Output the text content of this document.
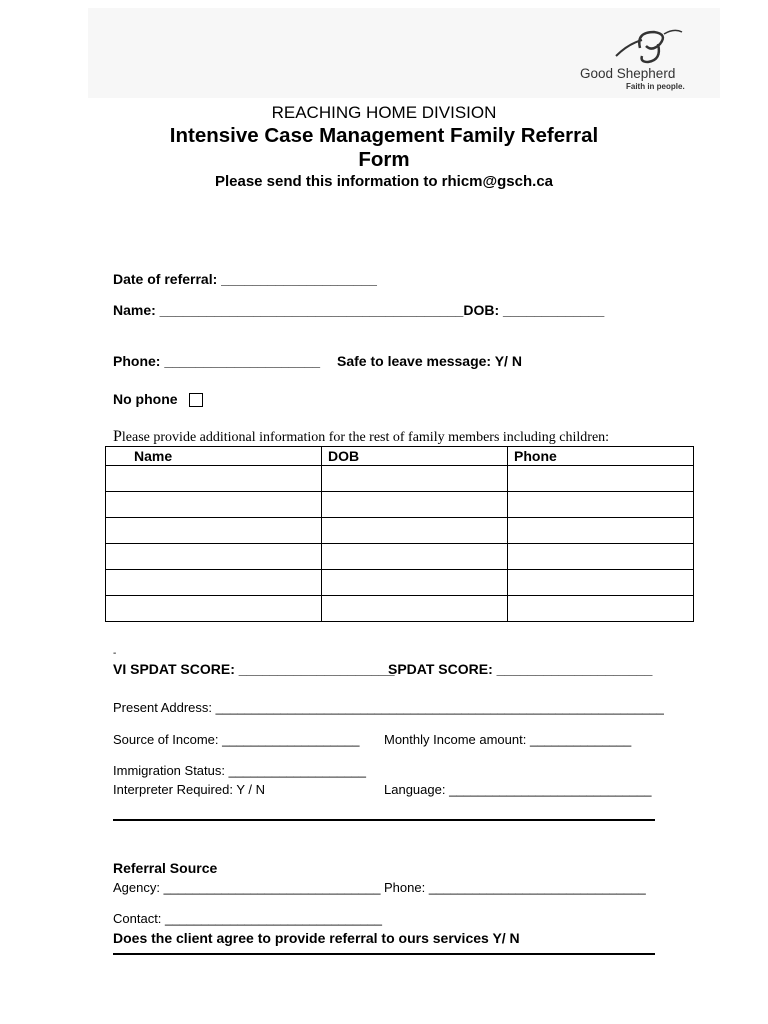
Good Shepherd
Faith in people.
REACHING HOME DIVISION
Intensive Case Management Family Referral
Form
Please send this information to rhicm@gsch.ca
Date of referral: ____________________
Name: _______________________________________DOB: _____________
Phone: ____________________ Safe to leave message: Y/ N
No phone
Please provide additional information for the rest of family members including children:
Name	DOB	Phone

-
VI SPDAT SCORE: ____________________
SPDAT SCORE: ____________________
Present Address: ______________________________________________________________
Source of Income: ___________________ Monthly Income amount: ______________
Immigration Status: ___________________
Interpreter Required: Y / N	Language: ____________________________
Referral Source
Agency: ______________________________ Phone: ______________________________
Contact: ______________________________
Does the client agree to provide referral to ours services Y/ N
